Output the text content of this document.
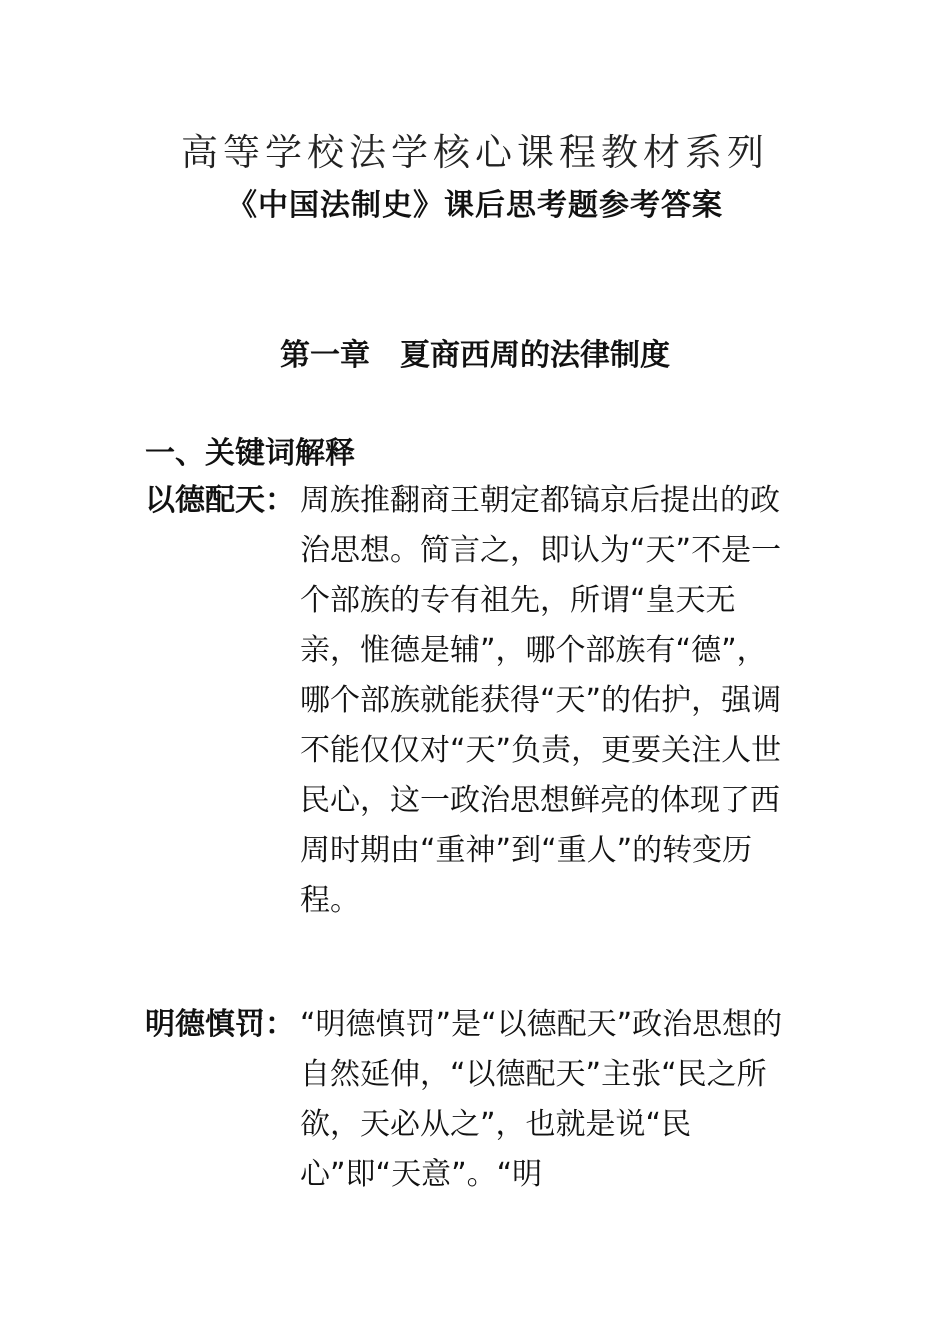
高等学校法学核心课程教材系列
《中国法制史》课后思考题参考答案
第一章　夏商西周的法律制度
一、关键词解释
以德配天： 周族推翻商王朝定都镐京后提出的政治思想。简言之，即认为“天”不是一个部族的专有祖先，所谓“皇天无亲，惟德是辅”，哪个部族有“德”，哪个部族就能获得“天”的佑护，强调不能仅仅对“天”负责，更要关注人世民心，这一政治思想鲜亮的体现了西周时期由“重神”到“重人”的转变历程。
明德慎罚： “明德慎罚”是“以德配天”政治思想的自然延伸，“以德配天”主张“民之所欲，天必从之”，也就是说“民心”即“天意”。“明
